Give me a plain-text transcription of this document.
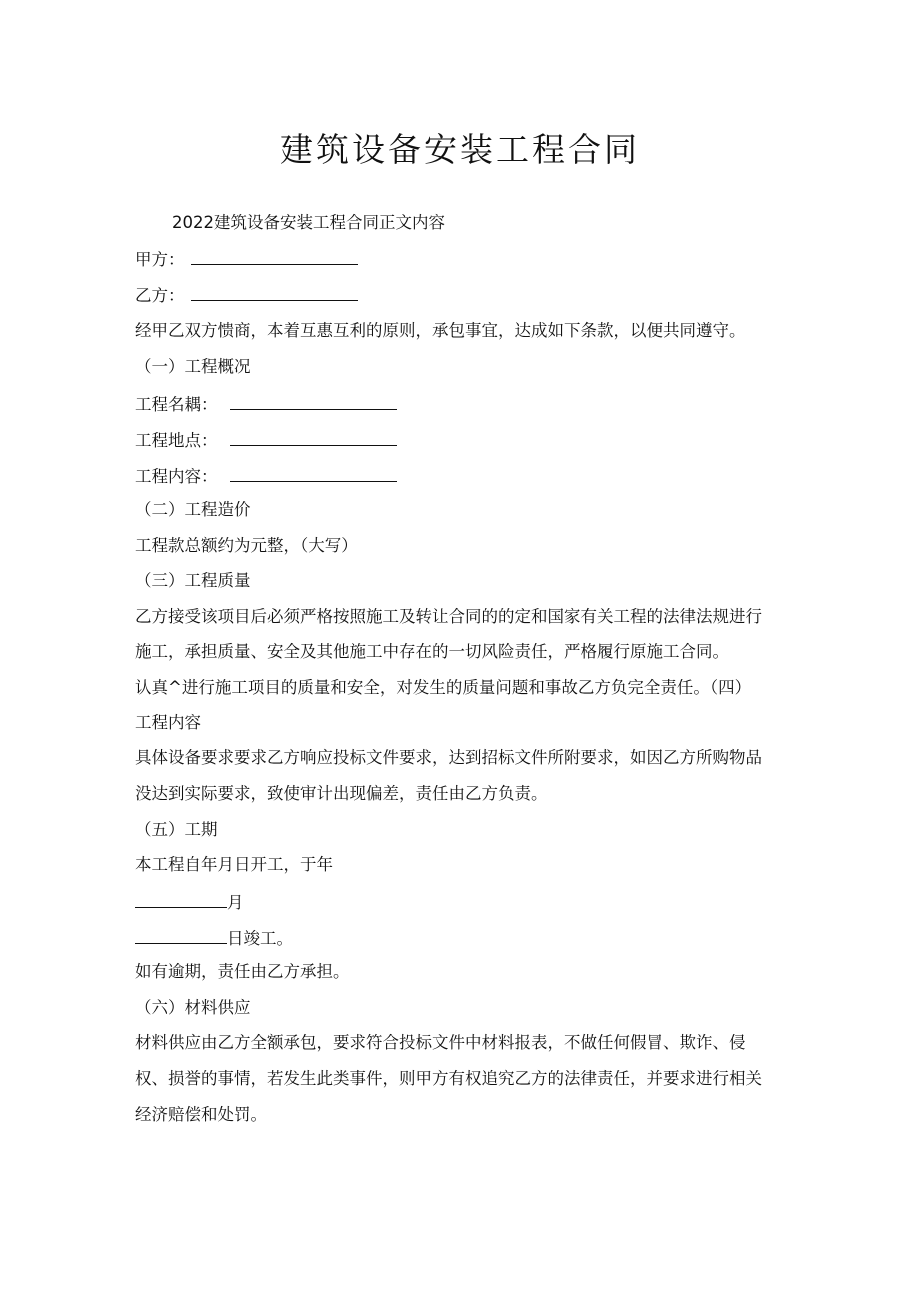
建筑设备安装工程合同
2022建筑设备安装工程合同正文内容
甲方：
乙方：
经甲乙双方愦商，本着互惠互利的原则，承包事宜，达成如下条款，以便共同遵守。
（一）工程概况
工程名耦：
工程地点：
工程内容：
（二）工程造价
工程款总额约为元整，（大写）
（三）工程质量
乙方接受该项目后必须严格按照施工及转让合同的的定和国家有关工程的法律法规进行
施工，承担质量、安全及其他施工中存在的一切风险责任，严格履行原施工合同。
认真^进行施工项目的质量和安全，对发生的质量问题和事故乙方负完全责任。（四）
工程内容
具体设备要求要求乙方响应投标文件要求，达到招标文件所附要求，如因乙方所购物品
没达到实际要求，致使审计出现偏差，责任由乙方负责。
（五）工期
本工程自年月日开工，于年
月
日竣工。
如有逾期，责任由乙方承担。
（六）材料供应
材料供应由乙方全额承包，要求符合投标文件中材料报表，不做任何假冒、欺诈、侵
权、损誉的事情，若发生此类事件，则甲方有权追究乙方的法律责任，并要求进行相关
经济赔偿和处罚。
